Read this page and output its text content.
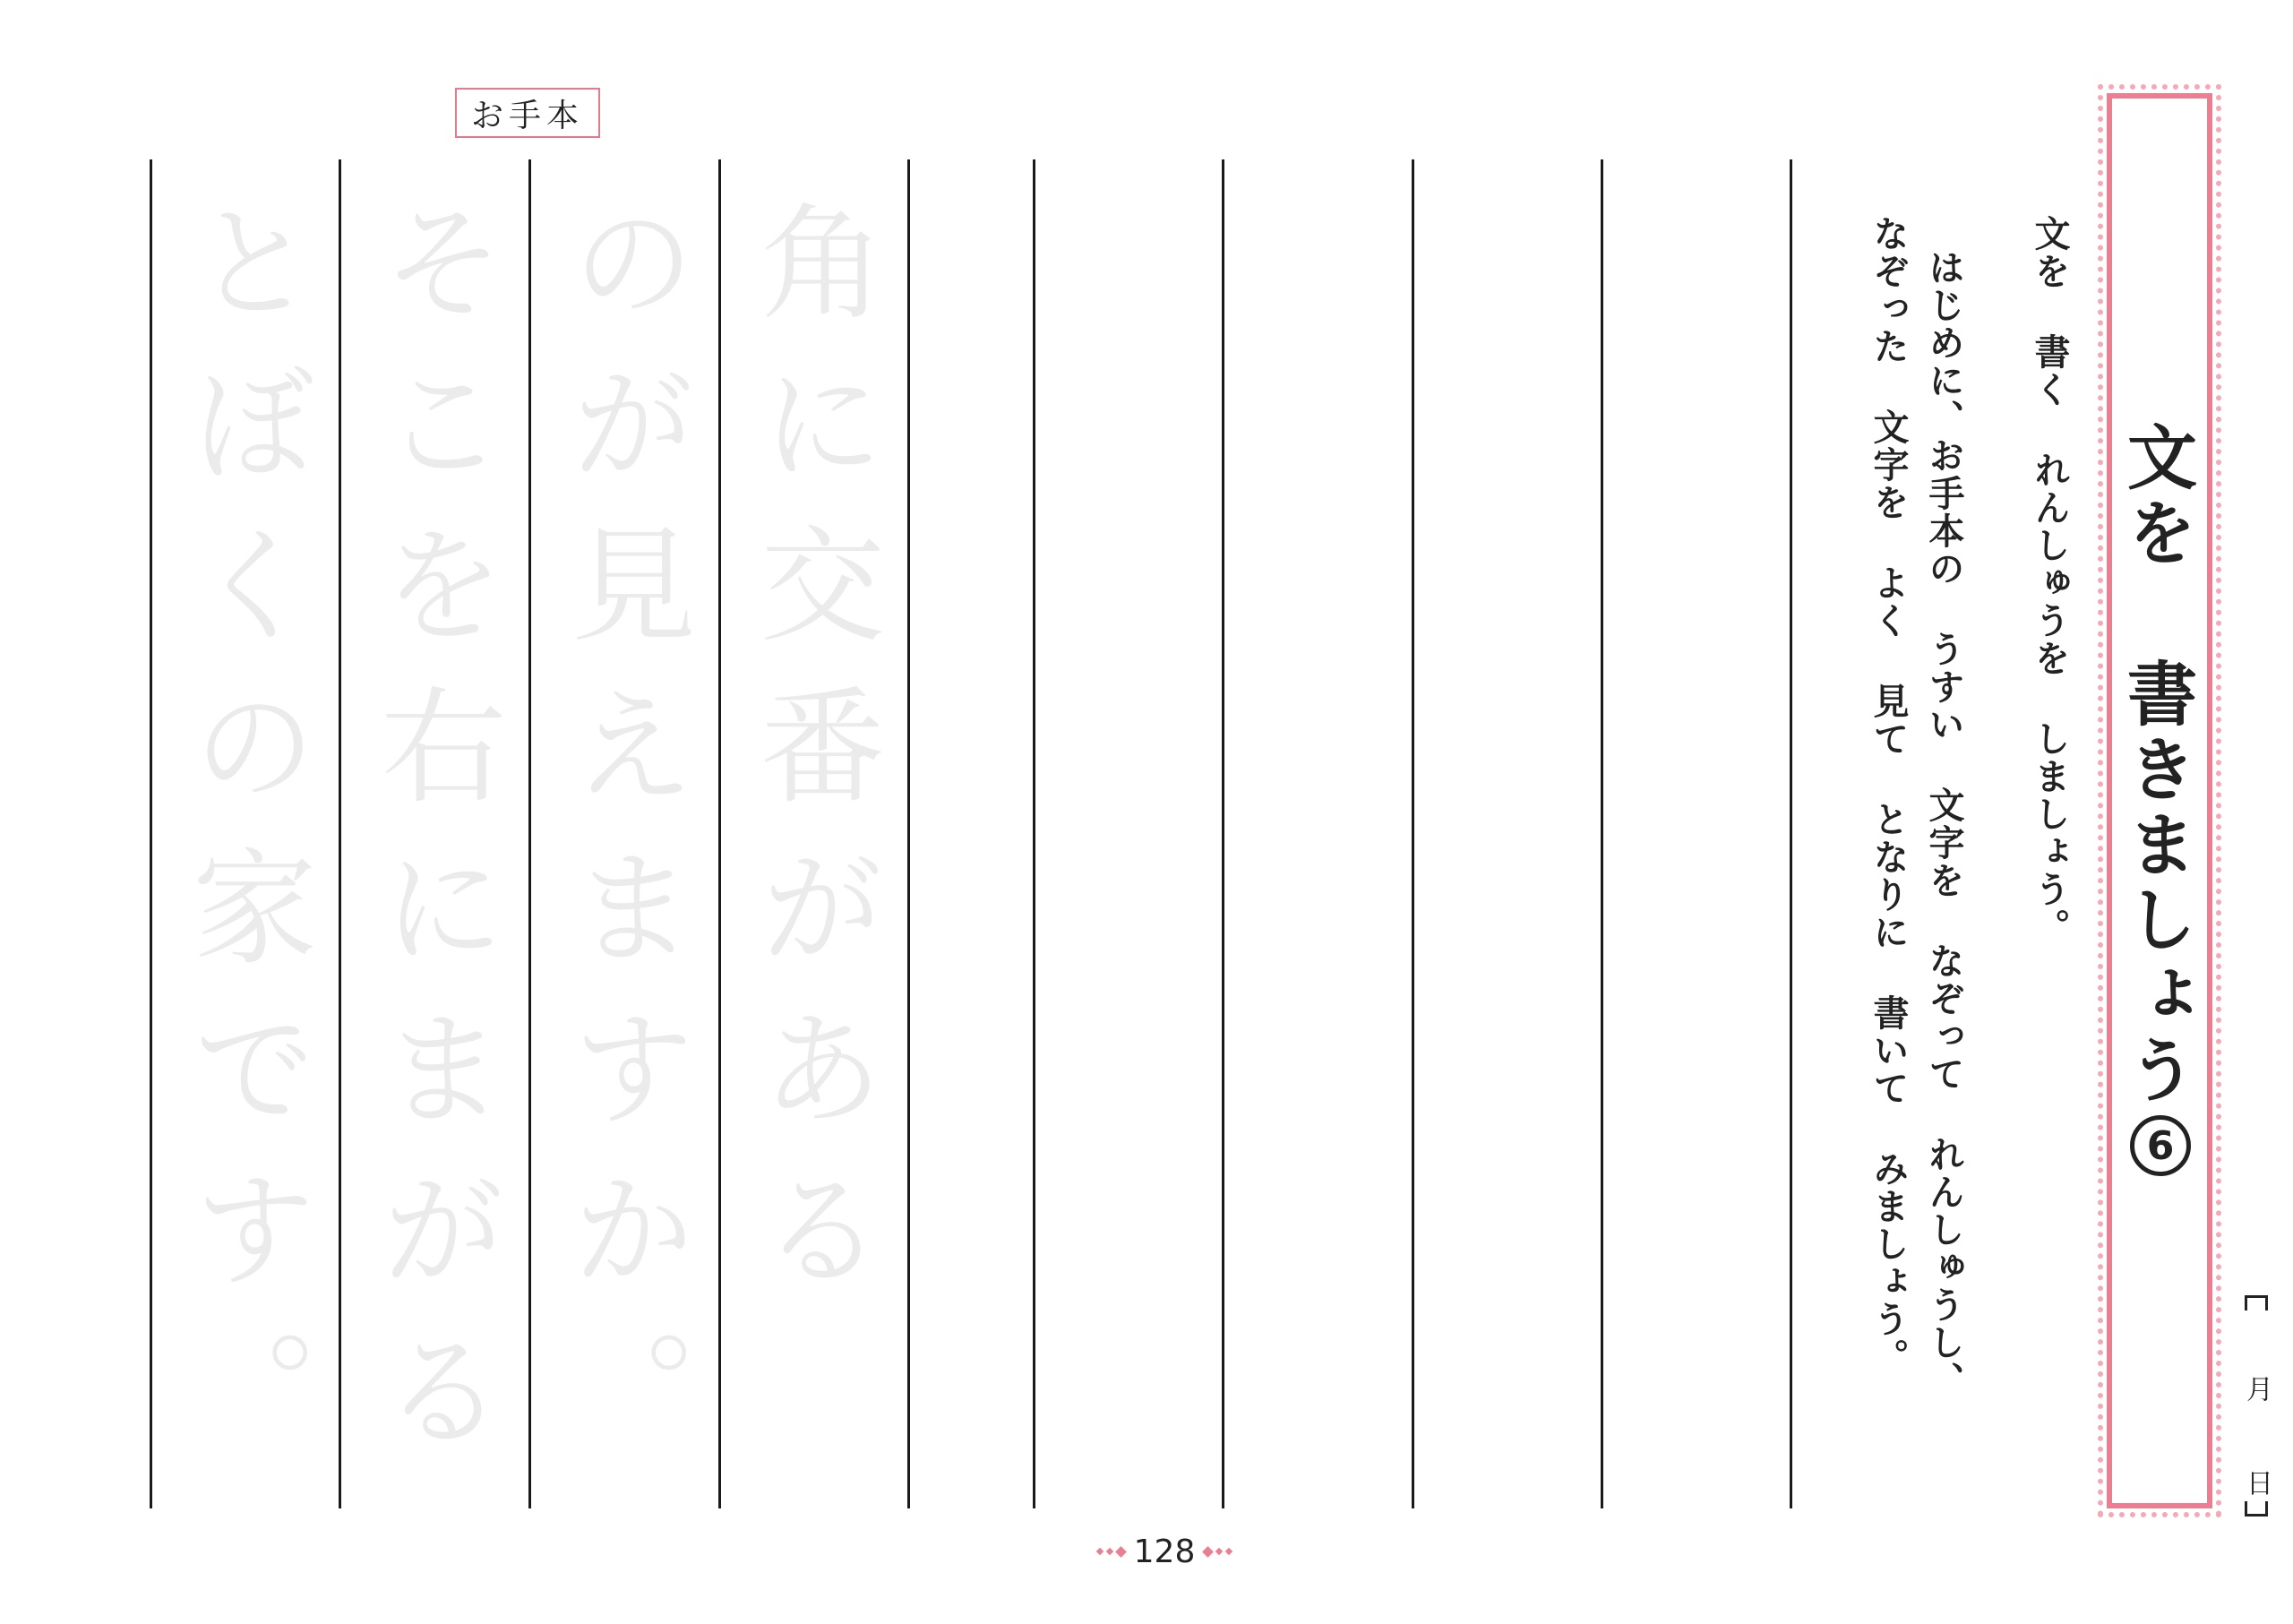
お手本
角に交番がある
のが見えますか。
そこを右にまがる
とぼくの家です。	文を 書く れんしゅうを しましょう。
はじめに、お手本の うすい 文字を なぞって れんしゅうし、
なぞった 文字を よく 見て となりに 書いて みましょう。	文を 書きましょう
6
月
日
128
